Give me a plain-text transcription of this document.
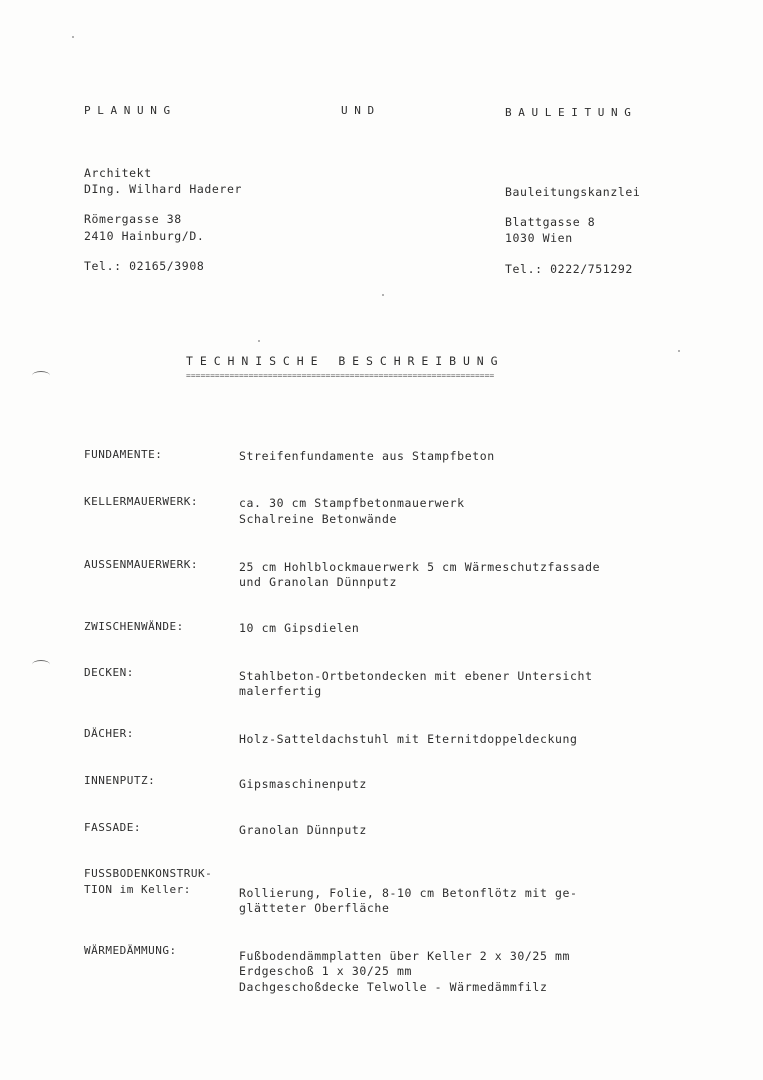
P L A N U N G	U N D	B A U L E I T U N G
Architekt
DIng. Wilhard Haderer
Römergasse 38
2410 Hainburg/D.
Tel.: 02165/3908
Bauleitungskanzlei
Blattgasse 8
1030 Wien
Tel.: 0222/751292
T E C H N I S C H E   B E S C H R E I B U N G
================================================================
FUNDAMENTE:	Streifenfundamente aus Stampfbeton
KELLERMAUERWERK:	ca. 30 cm Stampfbetonmauerwerk
Schalreine Betonwände
AUSSENMAUERWERK:	25 cm Hohlblockmauerwerk 5 cm Wärmeschutzfassade
und Granolan Dünnputz
ZWISCHENWÄNDE:	10 cm Gipsdielen
DECKEN:	Stahlbeton-Ortbetondecken mit ebener Untersicht
malerfertig
DÄCHER:	Holz-Satteldachstuhl mit Eternitdoppeldeckung
INNENPUTZ:	Gipsmaschinenputz
FASSADE:	Granolan Dünnputz
FUSSBODENKONSTRUK-
TION im Keller:	Rollierung, Folie, 8-10 cm Betonflötz mit ge-
glätteter Oberfläche
WÄRMEDÄMMUNG:	Fußbodendämmplatten über Keller 2 x 30/25 mm
Erdgeschoß 1 x 30/25 mm
Dachgeschoßdecke Telwolle - Wärmedämmfilz
